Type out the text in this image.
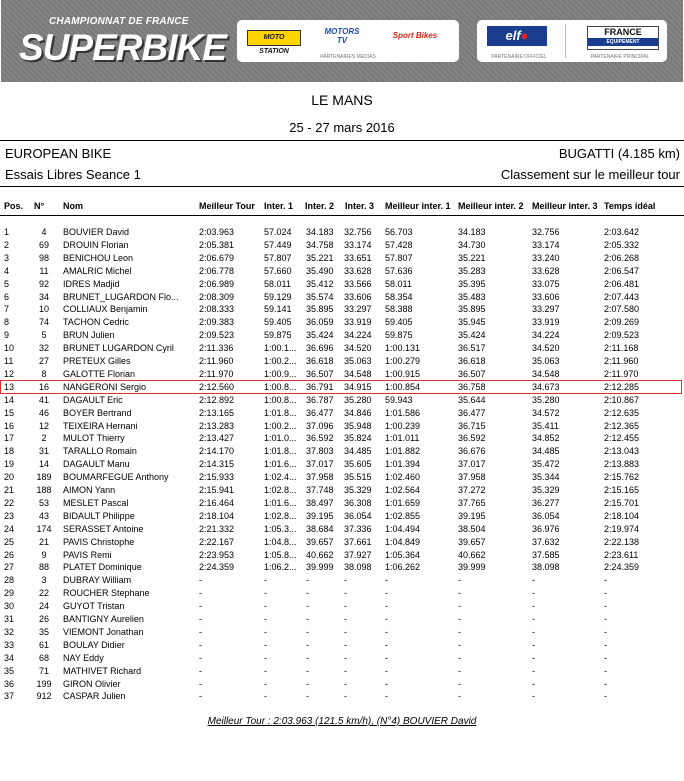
CHAMPIONNAT DE FRANCE
SUPERBIKE	MOTO STATION
MOTORS TV
Sport Bikes
PARTENAIRES MÉDIAS
elf●	FRANCE
EQUIPEMENT
PARTENAIRE OFFICIEL	PARTENAIRE PRINCIPAL
LE MANS
25 - 27 mars 2016
EUROPEAN BIKE	BUGATTI (4.185 km)
Essais Libres Seance 1	Classement sur le meilleur tour
Pos. N° Nom	Meilleur Tour Inter. 1 Inter. 2 Inter. 3 Meilleur inter. 1 Meilleur inter. 2 Meilleur inter. 3 Temps idéal
1	4	BOUVIER David	2:03.963	57.024	34.183	32.756	56.703	34.183	32.756	2:03.642
2	69	DROUIN Florian	2:05.381	57.449	34.758	33.174	57.428	34.730	33.174	2:05.332
3	98	BENICHOU Leon	2:06.679	57.807	35.221	33.651	57.807	35.221	33.240	2:06.268
4	11	AMALRIC Michel	2:06.778	57.660	35.490	33.628	57.636	35.283	33.628	2:06.547
5	92	IDRES Madjid	2:06.989	58.011	35.412	33.566	58.011	35.395	33.075	2:06.481
6	34	BRUNET_LUGARDON Flo...	2:08.309	59.129	35.574	33.606	58.354	35.483	33.606	2:07.443
7	10	COLLIAUX Benjamin	2:08.333	59.141	35.895	33.297	58.388	35.895	33.297	2:07.580
8	74	TACHON Cedric	2:09.383	59.405	36.059	33.919	59.405	35.945	33.919	2:09.269
9	5	BRUN Julien	2:09.523	59.875	35.424	34.224	59.875	35.424	34.224	2:09.523
10	32	BRUNET LUGARDON Cyril	2:11.336	1:00.1...	36.696	34.520	1:00.131	36.517	34.520	2:11.168
11	27	PRETEUX Gilles	2:11.960	1:00.2...	36.618	35.063	1:00.279	36.618	35.063	2:11.960
12	8	GALOTTE Florian	2:11.970	1:00.9...	36.507	34.548	1:00.915	36.507	34.548	2:11.970
13	16	NANGERONI Sergio	2:12.560	1:00.8...	36.791	34.915	1:00.854	36.758	34.673	2:12.285
14	41	DAGAULT Eric	2:12.892	1:00.8...	36.787	35.280	59.943	35.644	35.280	2:10.867
15	46	BOYER Bertrand	2:13.165	1:01.8...	36.477	34.846	1:01.586	36.477	34.572	2:12.635
16	12	TEIXEIRA Hernani	2:13.283	1:00.2...	37.096	35.948	1:00.239	36.715	35.411	2:12.365
17	2	MULOT Thierry	2:13.427	1:01.0...	36.592	35.824	1:01.011	36.592	34.852	2:12.455
18	31	TARALLO Romain	2:14.170	1:01.8...	37.803	34.485	1:01.882	36.676	34.485	2:13.043
19	14	DAGAULT Manu	2:14.315	1:01.6...	37.017	35.605	1:01.394	37.017	35.472	2:13.883
20	189	BOUMARFEGUE Anthony	2:15.933	1:02.4...	37.958	35.515	1:02.460	37.958	35.344	2:15.762
21	188	AIMON Yann	2:15.941	1:02.8...	37.748	35.329	1:02.564	37.272	35.329	2:15.165
22	53	MESLET Pascal	2:16.464	1:01.6...	38.497	36.308	1:01.659	37.765	36.277	2:15.701
23	43	BIDAULT Philippe	2:18.104	1:02.8...	39.195	36.054	1:02.855	39.195	36.054	2:18.104
24	174	SERASSET Antoine	2:21.332	1:05.3...	38.684	37.336	1:04.494	38.504	36.976	2:19.974
25	21	PAVIS Christophe	2:22.167	1:04.8...	39.657	37.661	1:04.849	39.657	37.632	2:22.138
26	9	PAVIS Remi	2:23.953	1:05.8...	40.662	37.927	1:05.364	40.662	37.585	2:23.611
27	88	PLATET Dominique	2:24.359	1:06.2...	39.999	38.098	1:06.262	39.999	38.098	2:24.359
28	3	DUBRAY William	-	-	-	-	-	-	-	-
29	22	ROUCHER Stephane	-	-	-	-	-	-	-	-
30	24	GUYOT Tristan	-	-	-	-	-	-	-	-
31	26	BANTIGNY Aurelien	-	-	-	-	-	-	-	-
32	35	VIEMONT Jonathan	-	-	-	-	-	-	-	-
33	61	BOULAY Didier	-	-	-	-	-	-	-	-
34	68	NAY Eddy	-	-	-	-	-	-	-	-
35	71	MATHIVET Richard	-	-	-	-	-	-	-	-
36	199	GIRON Olivier	-	-	-	-	-	-	-	-
37	912	CASPAR Julien	-	-	-	-	-	-	-	-
Meilleur Tour : 2:03.963 (121.5 km/h), (N°4) BOUVIER David
